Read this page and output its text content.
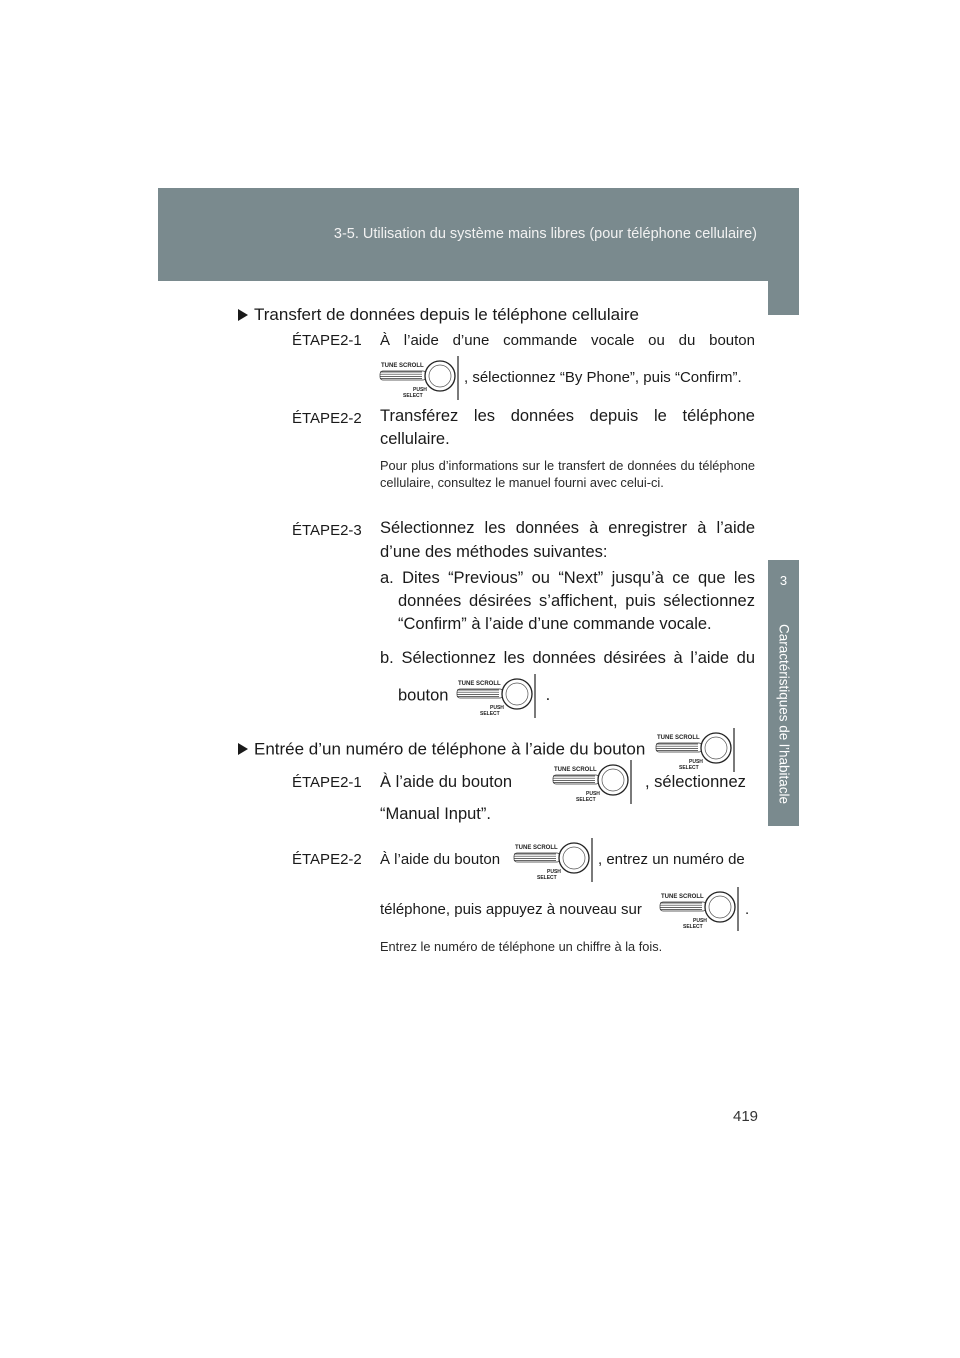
3-5. Utilisation du système mains libres (pour téléphone cellulaire)
3
Caractéristiques de l’habitacle
Transfert de données depuis le téléphone cellulaire
ÉTAPE2-1 À l’aide d’une commande vocale ou du bouton
TUNE SCROLL
PUSH
SELECT
, sélectionnez “By Phone”, puis “Confirm”.
ÉTAPE2-2 Transférez les données depuis le téléphone
cellulaire.
Pour plus d’informations sur le transfert de données du téléphone cellulaire, consultez le manuel fourni avec celui-ci.
ÉTAPE2-3 Sélectionnez les données à enregistrer à l’aide
d’une des méthodes suivantes:
a. Dites “Previous” ou “Next” jusqu’à ce que les
données désirées s’affichent, puis sélectionnez
“Confirm” à l’aide d’une commande vocale.
b. Sélectionnez les données désirées à l’aide du
bouton
TUNE SCROLL
PUSH
SELECT
.
Entrée d’un numéro de téléphone à l’aide du bouton
TUNE SCROLL
PUSH
SELECT
ÉTAPE2-1 À l’aide du bouton
TUNE SCROLL
PUSH
SELECT
, sélectionnez
“Manual Input”.
ÉTAPE2-2 À l’aide du bouton
TUNE SCROLL
PUSH
SELECT
, entrez un numéro de
téléphone, puis appuyez à nouveau sur
TUNE SCROLL
PUSH
SELECT
.
Entrez le numéro de téléphone un chiffre à la fois.
419
